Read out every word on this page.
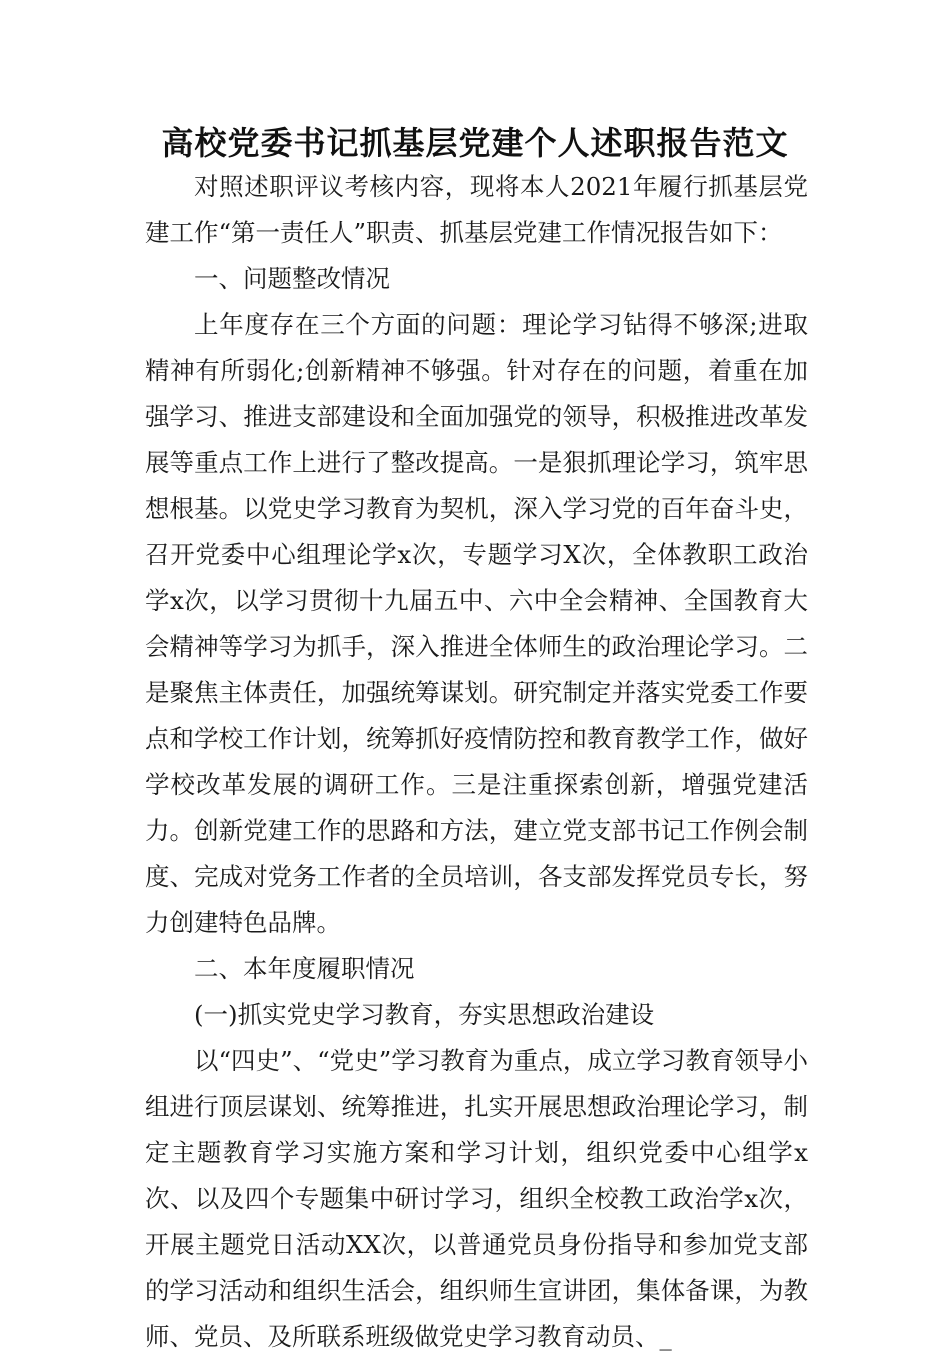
高校党委书记抓基层党建个人述职报告范文

对照述职评议考核内容，现将本人2021年履行抓基层党建工作“第一责任人”职责、抓基层党建工作情况报告如下：

一、问题整改情况

上年度存在三个方面的问题：理论学习钻得不够深;进取精神有所弱化;创新精神不够强。针对存在的问题，着重在加强学习、推进支部建设和全面加强党的领导，积极推进改革发展等重点工作上进行了整改提高。一是狠抓理论学习，筑牢思想根基。以党史学习教育为契机，深入学习党的百年奋斗史，召开党委中心组理论学x次，专题学习X次，全体教职工政治学x次，以学习贯彻十九届五中、六中全会精神、全国教育大会精神等学习为抓手，深入推进全体师生的政治理论学习。二是聚焦主体责任，加强统筹谋划。研究制定并落实党委工作要点和学校工作计划，统筹抓好疫情防控和教育教学工作，做好学校改革发展的调研工作。三是注重探索创新，增强党建活力。创新党建工作的思路和方法，建立党支部书记工作例会制度、完成对党务工作者的全员培训，各支部发挥党员专长，努力创建特色品牌。

二、本年度履职情况

(一)抓实党史学习教育，夯实思想政治建设

以“四史”、“党史”学习教育为重点，成立学习教育领导小组进行顶层谋划、统筹推进，扎实开展思想政治理论学习，制定主题教育学习实施方案和学习计划，组织党委中心组学x次、以及四个专题集中研讨学习，组织全校教工政治学x次，开展主题党日活动XX次，以普通党员身份指导和参加党支部的学习活动和组织生活会，组织师生宣讲团，集体备课，为教师、党员、及所联系班级做党史学习教育动员、_
